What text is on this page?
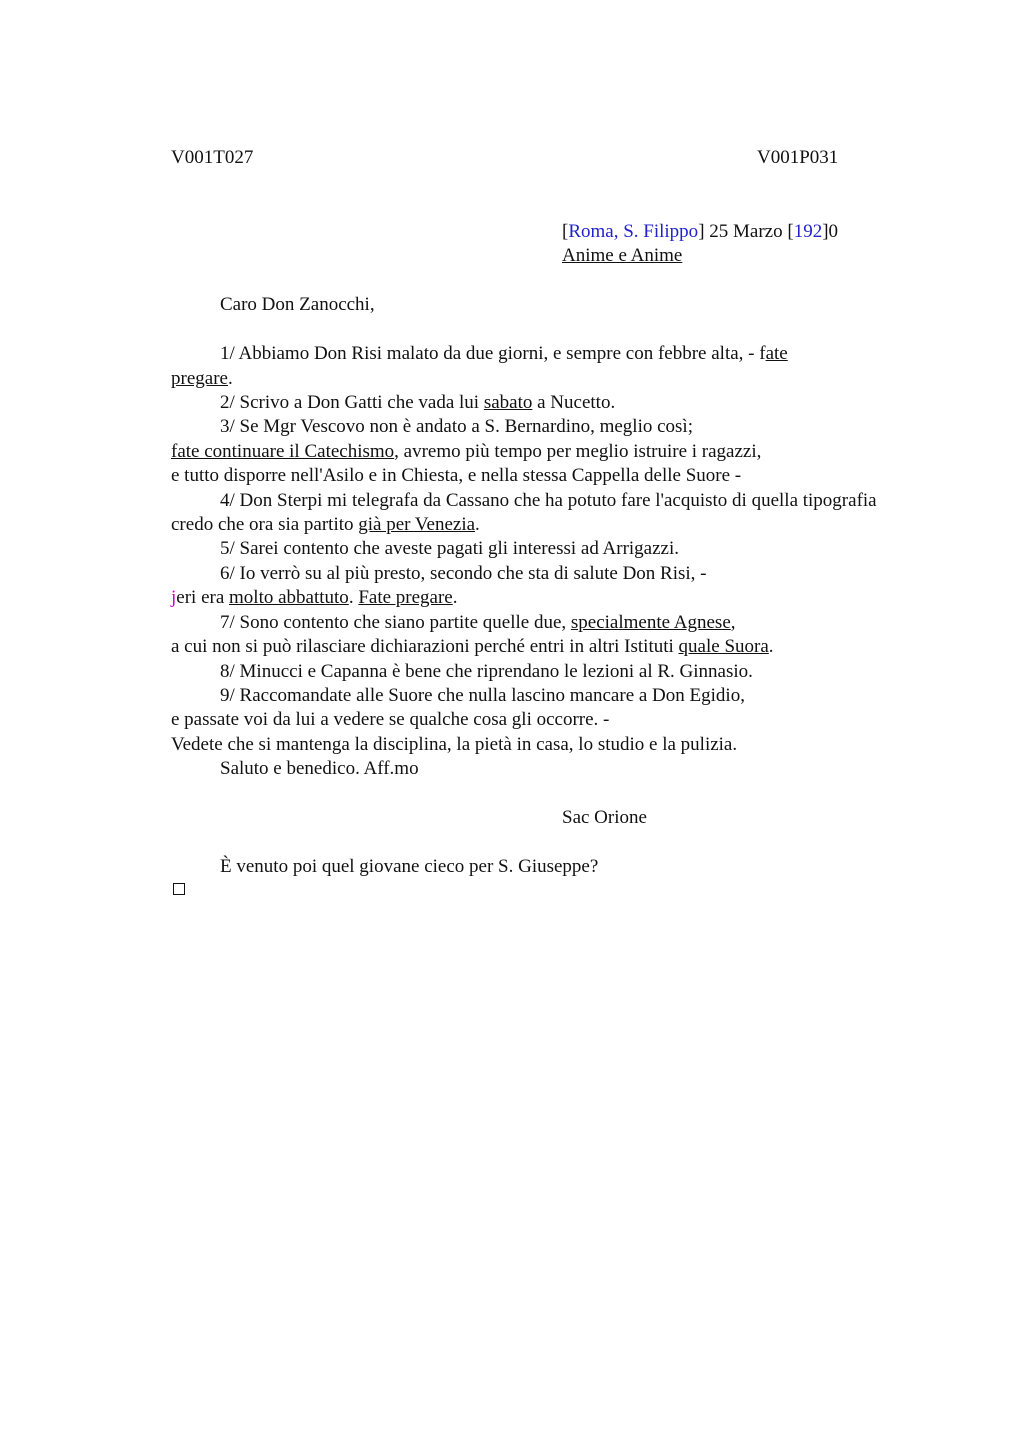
V001T027	V001P031
[Roma, S. Filippo] 25 Marzo [192]0
Anime e Anime
Caro Don Zanocchi,
1/ Abbiamo Don Risi malato da due giorni, e sempre con febbre alta, - fate
pregare.
2/ Scrivo a Don Gatti che vada lui sabato a Nucetto.
3/ Se Mgr Vescovo non è andato a S. Bernardino, meglio così;
fate continuare il Catechismo, avremo più tempo per meglio istruire i ragazzi,
e tutto disporre nell'Asilo e in Chiesta, e nella stessa Cappella delle Suore -
4/ Don Sterpi mi telegrafa da Cassano che ha potuto fare l'acquisto di quella tipografia
credo che ora sia partito già per Venezia.
5/ Sarei contento che aveste pagati gli interessi ad Arrigazzi.
6/ Io verrò su al più presto, secondo che sta di salute Don Risi, -
jeri era molto abbattuto. Fate pregare.
7/ Sono contento che siano partite quelle due, specialmente Agnese,
a cui non si può rilasciare dichiarazioni perché entri in altri Istituti quale Suora.
8/ Minucci e Capanna è bene che riprendano le lezioni al R. Ginnasio.
9/ Raccomandate alle Suore che nulla lascino mancare a Don Egidio,
e passate voi da lui a vedere se qualche cosa gli occorre. -
Vedete che si mantenga la disciplina, la pietà in casa, lo studio e la pulizia.
Saluto e benedico. Aff.mo
Sac Orione
È venuto poi quel giovane cieco per S. Giuseppe?
